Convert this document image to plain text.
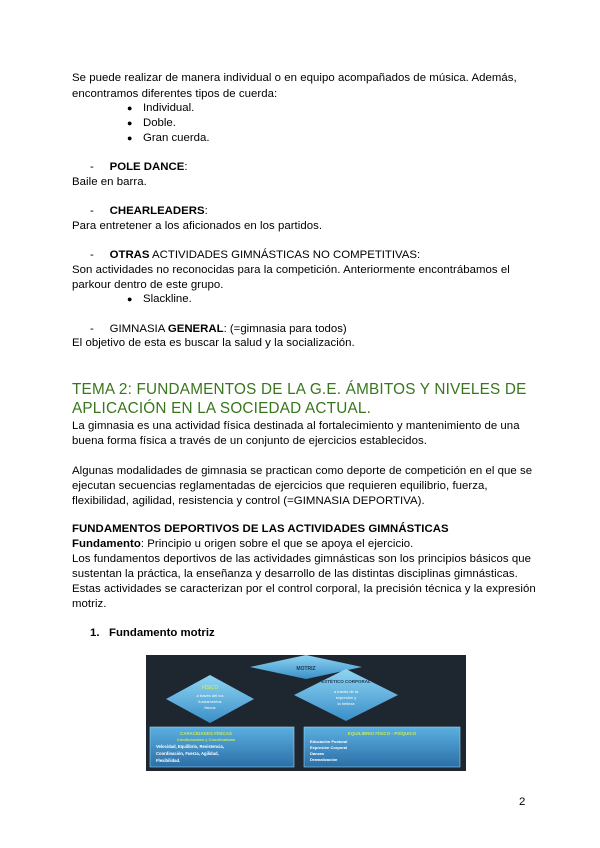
Se puede realizar de manera individual o en equipo acompañados de música. Además,
encontramos diferentes tipos de cuerda:
● Individual.
● Doble.
● Gran cuerda.
- POLE DANCE:
Baile en barra.
- CHEARLEADERS:
Para entretener a los aficionados en los partidos.
- OTRAS ACTIVIDADES GIMNÁSTICAS NO COMPETITIVAS:
Son actividades no reconocidas para la competición. Anteriormente encontrábamos el
parkour dentro de este grupo.
● Slackline.
- GIMNASIA GENERAL: (=gimnasia para todos)
El objetivo de esta es buscar la salud y la socialización.
TEMA 2: FUNDAMENTOS DE LA G.E. ÁMBITOS Y NIVELES DE
APLICACIÓN EN LA SOCIEDAD ACTUAL.
La gimnasia es una actividad física destinada al fortalecimiento y mantenimiento de una
buena forma física a través de un conjunto de ejercicios establecidos.
Algunas modalidades de gimnasia se practican como deporte de competición en el que se
ejecutan secuencias reglamentadas de ejercicios que requieren equilibrio, fuerza,
flexibilidad, agilidad, resistencia y control (=GIMNASIA DEPORTIVA).
FUNDAMENTOS DEPORTIVOS DE LAS ACTIVIDADES GIMNÁSTICAS
Fundamento: Principio u origen sobre el que se apoya el ejercicio.
Los fundamentos deportivos de las actividades gimnásticas son los principios básicos que
sustentan la práctica, la enseñanza y desarrollo de las distintas disciplinas gimnásticas.
Estas actividades se caracterizan por el control corporal, la precisión técnica y la expresión
motriz.
1. Fundamento motriz
MOTRIZ
FÍSICO
a través del los
fundamentos
físicos
ESTÉTICO CORPORAL
a través de la
expresión y
la belleza
CAPACIDADES FÍSICAS
Condicionales y Coordinativas
Velocidad, Equilibrio, Resistencia,
Coordinación, Fuerza, Agilidad,
Flexibilidad.
EQUILIBRIO FÍSICO - PSÍQUICO
Educación Postural
Expresión Corporal
Danzas
Dramatización
2
